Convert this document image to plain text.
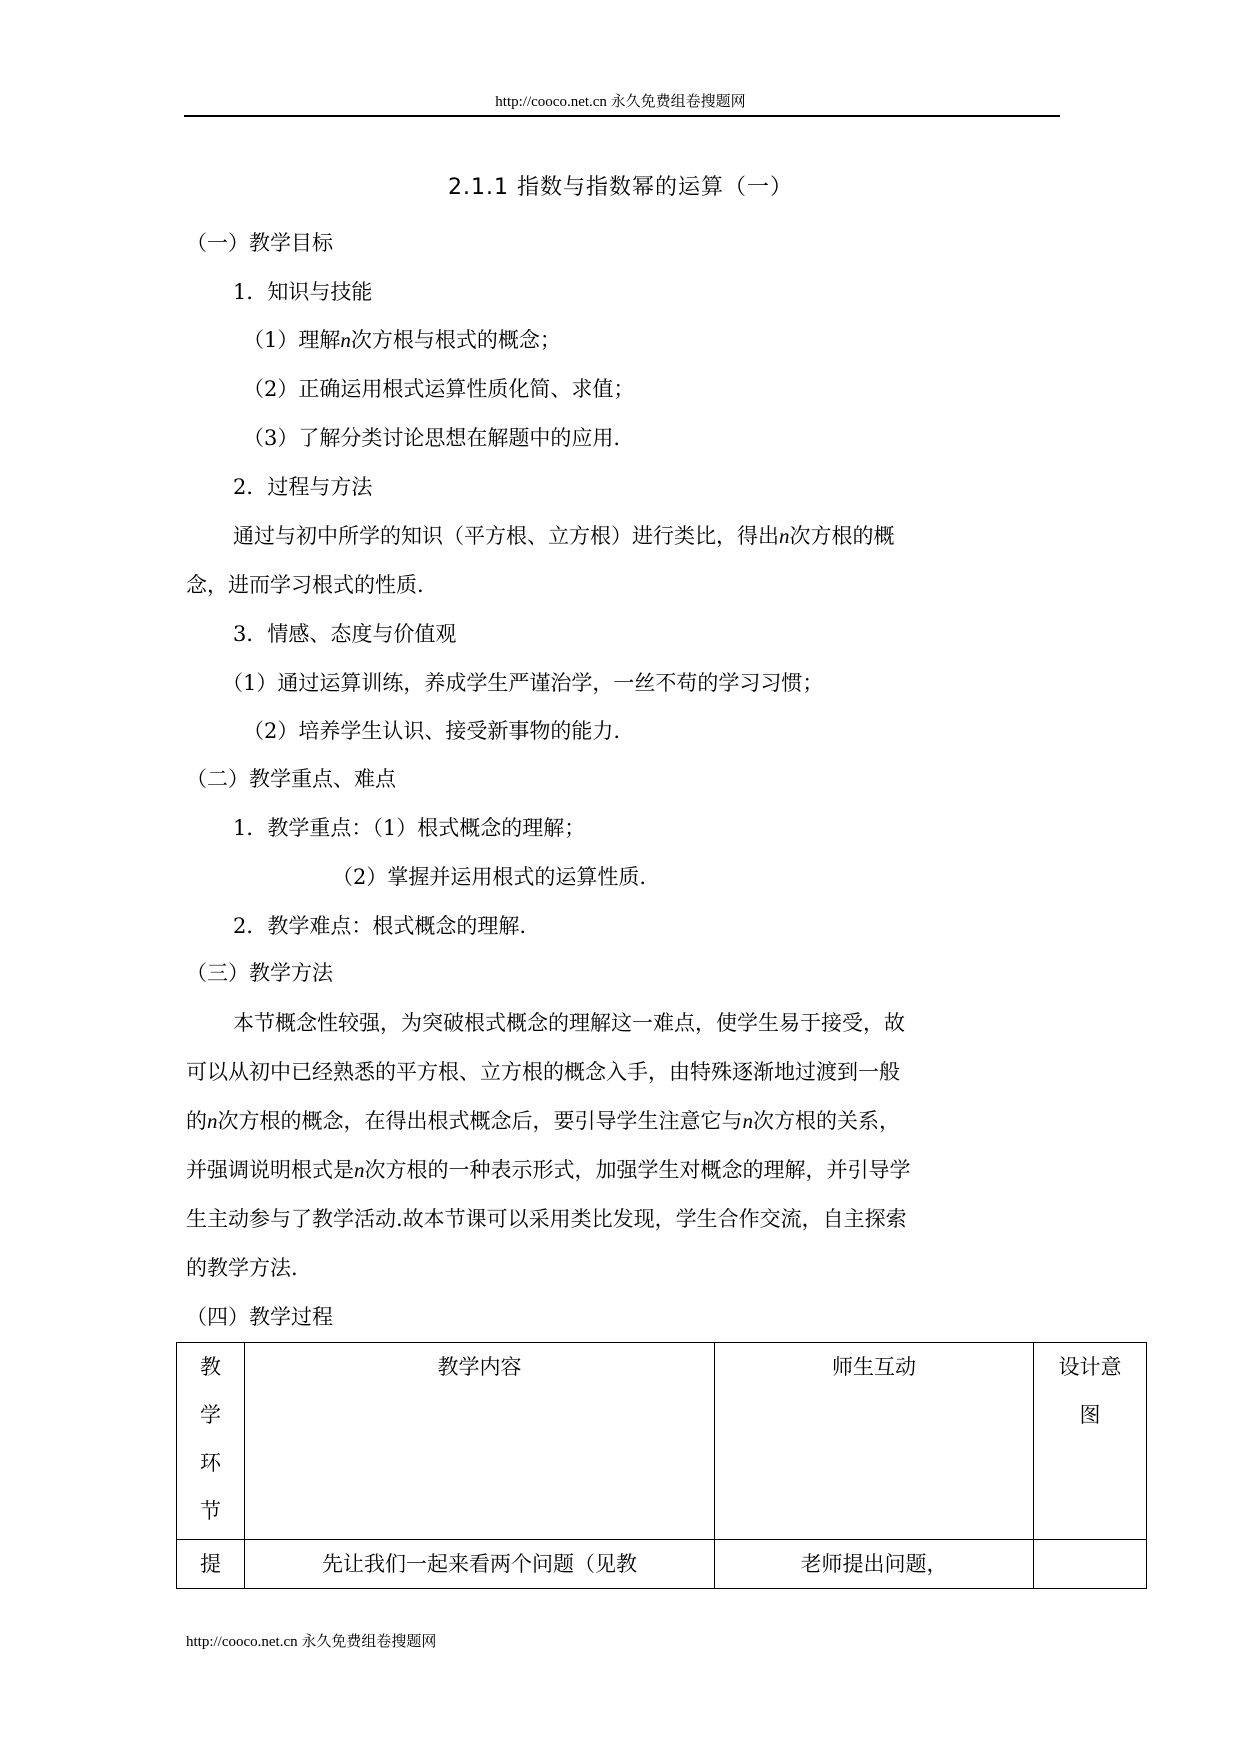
http://cooco.net.cn 永久免费组卷搜题网
2.1.1 指数与指数幂的运算（一）
（一）教学目标
1．知识与技能
（1）理解n次方根与根式的概念；
（2）正确运用根式运算性质化简、求值；
（3）了解分类讨论思想在解题中的应用.
2．过程与方法
通过与初中所学的知识（平方根、立方根）进行类比，得出n次方根的概
念，进而学习根式的性质.
3．情感、态度与价值观
（1）通过运算训练，养成学生严谨治学，一丝不苟的学习习惯；
（2）培养学生认识、接受新事物的能力.
（二）教学重点、难点
1．教学重点：（1）根式概念的理解；
（2）掌握并运用根式的运算性质.
2．教学难点：根式概念的理解.
（三）教学方法
本节概念性较强，为突破根式概念的理解这一难点，使学生易于接受，故
可以从初中已经熟悉的平方根、立方根的概念入手，由特殊逐渐地过渡到一般
的n次方根的概念，在得出根式概念后，要引导学生注意它与n次方根的关系，
并强调说明根式是n次方根的一种表示形式，加强学生对概念的理解，并引导学
生主动参与了教学活动.故本节课可以采用类比发现，学生合作交流，自主探索
的教学方法.
（四）教学过程
教
学
环
节	教学内容	师生互动	设计意
图

提	先让我们一起来看两个问题（见教	老师提出问题，	
http://cooco.net.cn 永久免费组卷搜题网
